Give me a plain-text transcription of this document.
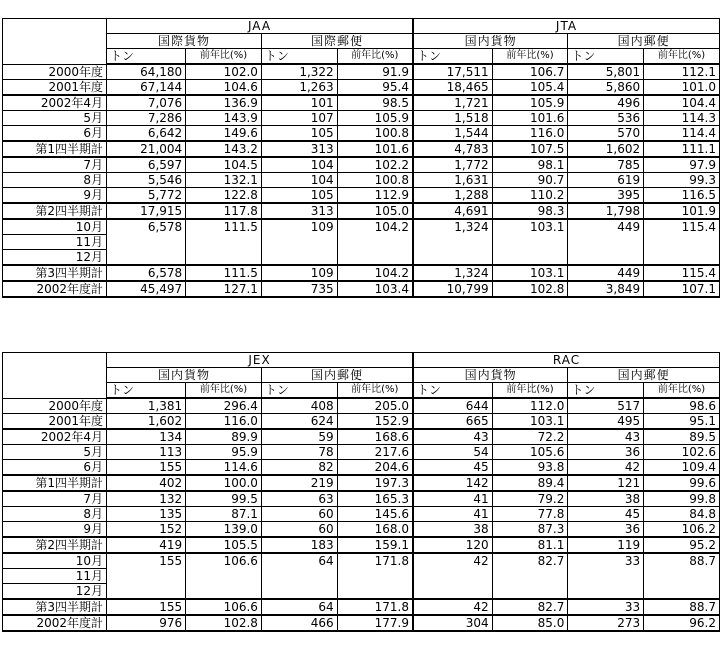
	JAA				JTA			
	国際貨物		国際郵便		国内貨物		国内郵便	
	トン	前年比(%)	トン	前年比(%)	トン	前年比(%)	トン	前年比(%)
2000年度	64,180	102.0	1,322	91.9	17,511	106.7	5,801	112.1
2001年度	67,144	104.6	1,263	95.4	18,465	105.4	5,860	101.0
2002年4月	7,076	136.9	101	98.5	1,721	105.9	496	104.4
5月	7,286	143.9	107	105.9	1,518	101.6	536	114.3
6月	6,642	149.6	105	100.8	1,544	116.0	570	114.4
第1四半期計	21,004	143.2	313	101.6	4,783	107.5	1,602	111.1
7月	6,597	104.5	104	102.2	1,772	98.1	785	97.9
8月	5,546	132.1	104	100.8	1,631	90.7	619	99.3
9月	5,772	122.8	105	112.9	1,288	110.2	395	116.5
第2四半期計	17,915	117.8	313	105.0	4,691	98.3	1,798	101.9
10月	6,578	111.5	109	104.2	1,324	103.1	449	115.4
11月								
12月								
第3四半期計	6,578	111.5	109	104.2	1,324	103.1	449	115.4
2002年度計	45,497	127.1	735	103.4	10,799	102.8	3,849	107.1
	JEX				RAC			
	国内貨物		国内郵便		国内貨物		国内郵便	
	トン	前年比(%)	トン	前年比(%)	トン	前年比(%)	トン	前年比(%)
2000年度	1,381	296.4	408	205.0	644	112.0	517	98.6
2001年度	1,602	116.0	624	152.9	665	103.1	495	95.1
2002年4月	134	89.9	59	168.6	43	72.2	43	89.5
5月	113	95.9	78	217.6	54	105.6	36	102.6
6月	155	114.6	82	204.6	45	93.8	42	109.4
第1四半期計	402	100.0	219	197.3	142	89.4	121	99.6
7月	132	99.5	63	165.3	41	79.2	38	99.8
8月	135	87.1	60	145.6	41	77.8	45	84.8
9月	152	139.0	60	168.0	38	87.3	36	106.2
第2四半期計	419	105.5	183	159.1	120	81.1	119	95.2
10月	155	106.6	64	171.8	42	82.7	33	88.7
11月								
12月								
第3四半期計	155	106.6	64	171.8	42	82.7	33	88.7
2002年度計	976	102.8	466	177.9	304	85.0	273	96.2
